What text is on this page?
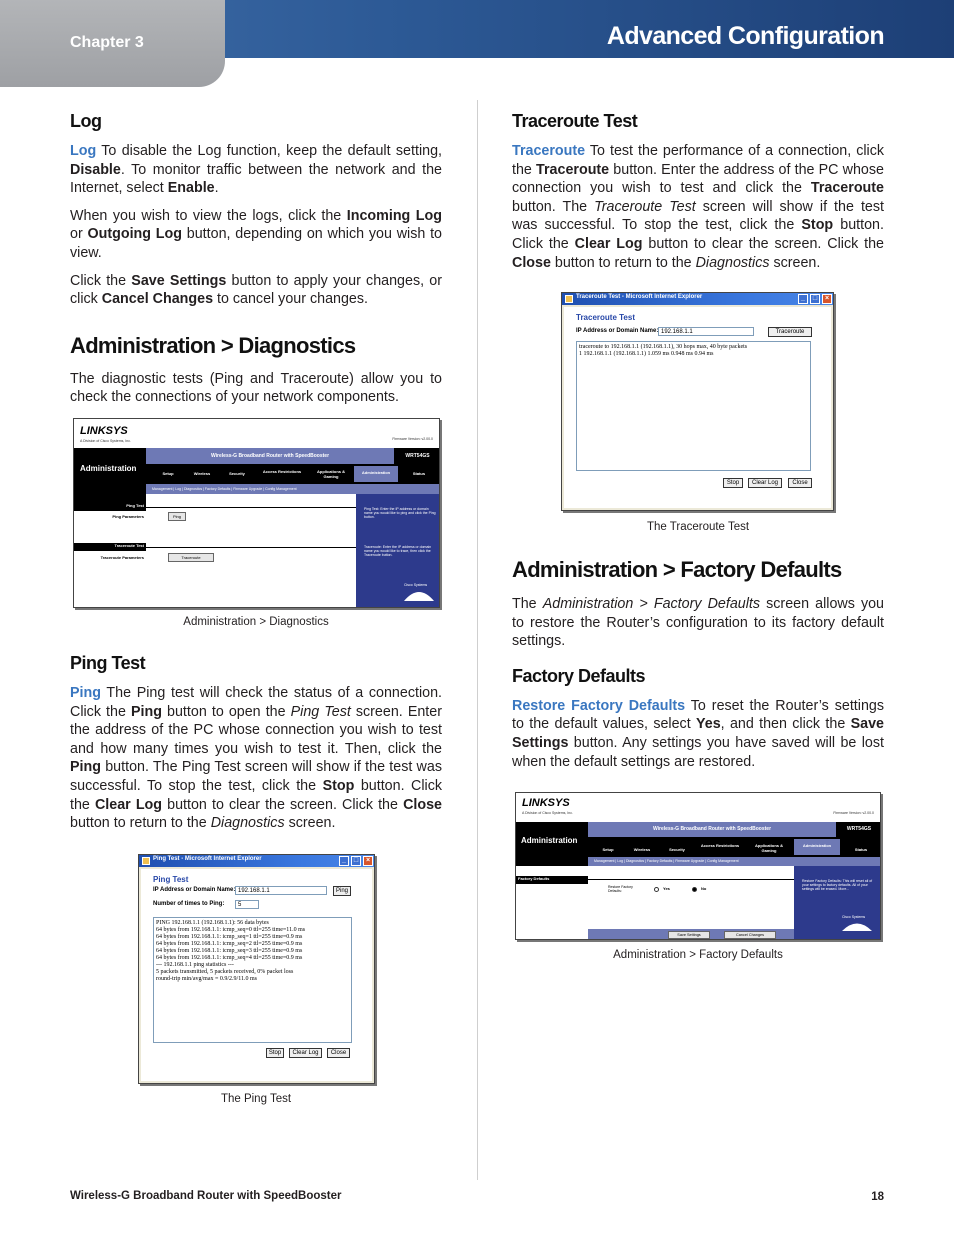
Chapter 3	Advanced Configuration
Log

Log To disable the Log function, keep the default setting, Disable. To monitor traffic between the network and the Internet, select Enable.

When you wish to view the logs, click the Incoming Log or Outgoing Log button, depending on which you wish to view.

Click the Save Settings button to apply your changes, or click Cancel Changes to cancel your changes.

Administration > Diagnostics

The diagnostic tests (Ping and Traceroute) allow you to check the connections of your network components.

LINKSYS
A Division of Cisco Systems, Inc.	Firmware Version: v2.00.0
Administration
Wireless-G Broadband Router with SpeedBooster	WRT54GS
Setup	Wireless	Security	Access Restrictions	Applications & Gaming
Administration	Status
Management | Log | Diagnostics | Factory Defaults | Firmware Upgrade | Config Management
Ping Test
Ping Parameters	Ping
Traceroute Test
Traceroute Parameters	Traceroute
Ping Test: Enter the IP address or domain name you would like to ping and click the Ping button.
Traceroute: Enter the IP address or domain name you would like to trace, then click the Traceroute button.
Cisco Systems
Administration > Diagnostics
Ping Test

Ping The Ping test will check the status of a connection. Click the Ping button to open the Ping Test screen. Enter the address of the PC whose connection you wish to test and how many times you wish to test it. Then, click the Ping button. The Ping Test screen will show if the test was successful. To stop the test, click the Stop button. Click the Clear Log button to clear the screen. Click the Close button to return to the Diagnostics screen.

Ping Test - Microsoft Internet Explorer	_	□	×
Ping Test
IP Address or Domain Name: 192.168.1.1	Ping
Number of times to Ping:	5
PING 192.168.1.1 (192.168.1.1): 56 data bytes
64 bytes from 192.168.1.1: icmp_seq=0 ttl=255 time=11.0 ms
64 bytes from 192.168.1.1: icmp_seq=1 ttl=255 time=0.9 ms
64 bytes from 192.168.1.1: icmp_seq=2 ttl=255 time=0.9 ms
64 bytes from 192.168.1.1: icmp_seq=3 ttl=255 time=0.9 ms
64 bytes from 192.168.1.1: icmp_seq=4 ttl=255 time=0.9 ms
--- 192.168.1.1 ping statistics ---
5 packets transmitted, 5 packets received, 0% packet loss
round-trip min/avg/max = 0.9/2.9/11.0 ms
Stop	Clear Log	Close
The Ping Test
Traceroute Test

Traceroute To test the performance of a connection, click the Traceroute button. Enter the address of the PC whose connection you wish to test and click the Traceroute button. The Traceroute Test screen will show if the test was successful. To stop the test, click the Stop button. Click the Clear Log button to clear the screen. Click the Close button to return to the Diagnostics screen.

Traceroute Test - Microsoft Internet Explorer	_	□	×
Traceroute Test
IP Address or Domain Name: 192.168.1.1	Traceroute
traceroute to 192.168.1.1 (192.168.1.1), 30 hops max, 40 byte packets
1 192.168.1.1 (192.168.1.1) 1.059 ms 0.948 ms 0.94 ms
Stop	Clear Log	Close
The Traceroute Test
Administration > Factory Defaults

The Administration > Factory Defaults screen allows you to restore the Router’s configuration to its factory default settings.

Factory Defaults

Restore Factory Defaults To reset the Router’s settings to the default values, select Yes, and then click the Save Settings button. Any settings you have saved will be lost when the default settings are restored.

LINKSYS
A Division of Cisco Systems, Inc.	Firmware Version: v2.00.0
Administration
Wireless-G Broadband Router with SpeedBooster	WRT54GS
Setup	Wireless	Security
Access Restrictions	Applications & Gaming
Administration
Status
Management | Log | Diagnostics | Factory Defaults | Firmware Upgrade | Config Management
Factory Defaults
Restore Factory Defaults:	Yes	No
Restore Factory Defaults: This will reset all of your settings to factory defaults. All of your settings will be erased. More...
Cisco Systems
Save Settings	Cancel Changes
Administration > Factory Defaults
Wireless-G Broadband Router with SpeedBooster	18
